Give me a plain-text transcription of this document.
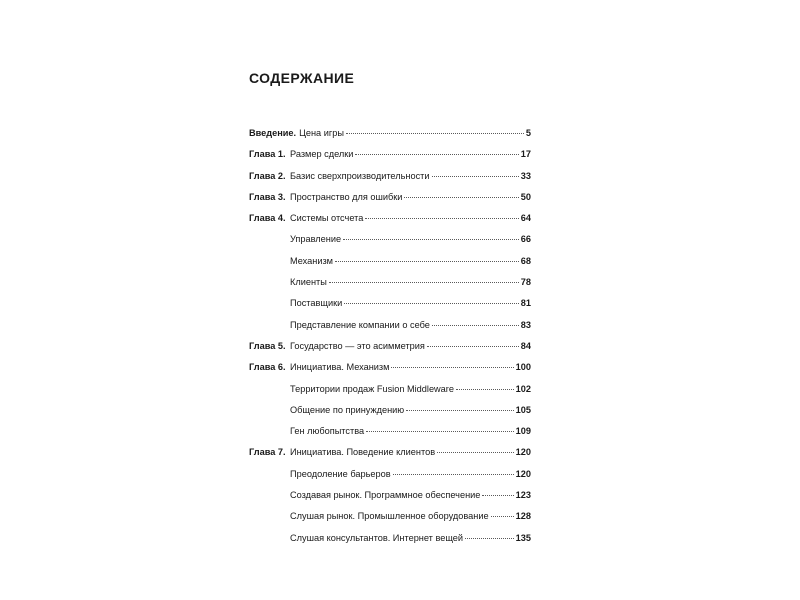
СОДЕРЖАНИЕ
Введение. Цена игры	5
Глава 1. Размер сделки	17
Глава 2. Базис сверхпроизводительности	33
Глава 3. Пространство для ошибки	50
Глава 4. Системы отсчета	64
Управление	66
Механизм	68
Клиенты	78
Поставщики	81
Представление компании о себе	83
Глава 5. Государство — это асимметрия	84
Глава 6. Инициатива. Механизм	100
Территории продаж Fusion Middleware	102
Общение по принуждению	105
Ген любопытства	109
Глава 7. Инициатива. Поведение клиентов	120
Преодоление барьеров	120
Создавая рынок. Программное обеспечение	123
Слушая рынок. Промышленное оборудование	128
Слушая консультантов. Интернет вещей	135
